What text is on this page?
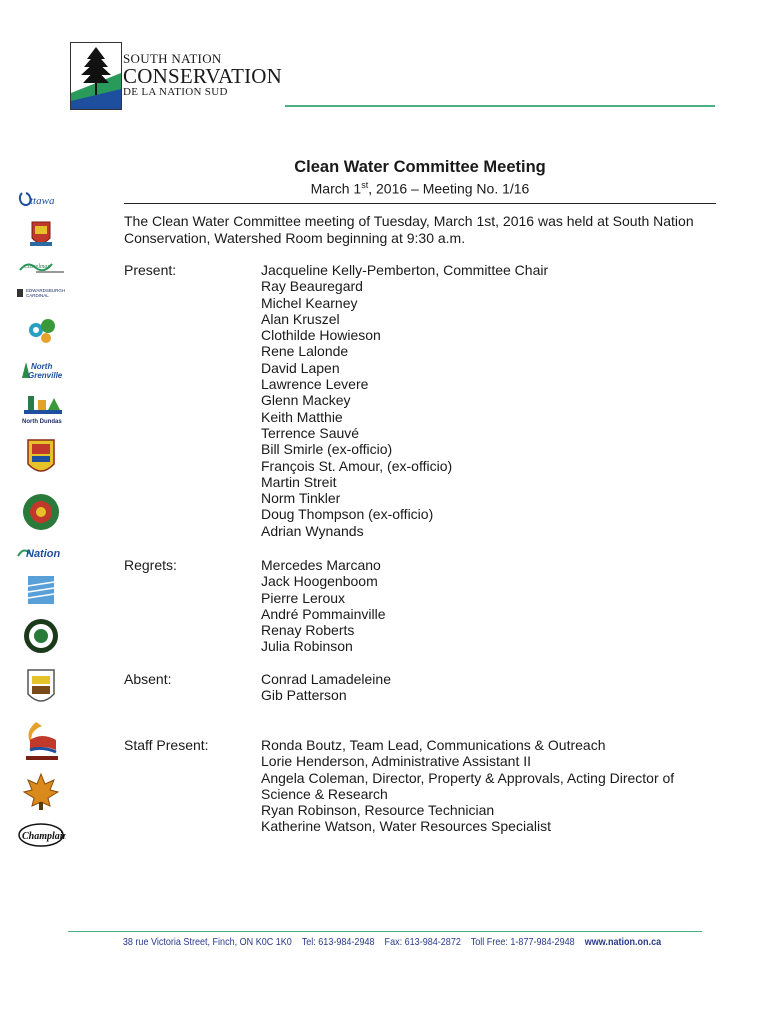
SOUTH NATION
CONSERVATION
DE LA NATION SUD
ttawa
Casselman
EDWARDSBURGH
CARDINAL
North
Grenville
North Dundas
Nation
Champlain
Clean Water Committee Meeting
March 1st, 2016 – Meeting No. 1/16
The Clean Water Committee meeting of Tuesday, March 1st, 2016 was held at South Nation
Conservation, Watershed Room beginning at 9:30 a.m.
Present:	Jacqueline Kelly-Pemberton, Committee Chair
Ray Beauregard
Michel Kearney
Alan Kruszel
Clothilde Howieson
Rene Lalonde
David Lapen
Lawrence Levere
Glenn Mackey
Keith Matthie
Terrence Sauvé
Bill Smirle (ex-officio)
François St. Amour, (ex-officio)
Martin Streit
Norm Tinkler
Doug Thompson (ex-officio)
Adrian Wynands
Regrets:	Mercedes Marcano
Jack Hoogenboom
Pierre Leroux
André Pommainville
Renay Roberts
Julia Robinson
Absent:	Conrad Lamadeleine
Gib Patterson
Staff Present:	Ronda Boutz, Team Lead, Communications & Outreach
Lorie Henderson, Administrative Assistant II
Angela Coleman, Director, Property & Approvals, Acting Director of
Science & Research
Ryan Robinson, Resource Technician
Katherine Watson, Water Resources Specialist
38 rue Victoria Street, Finch, ON K0C 1K0 Tel: 613-984-2948 Fax: 613-984-2872 Toll Free: 1-877-984-2948 www.nation.on.ca
